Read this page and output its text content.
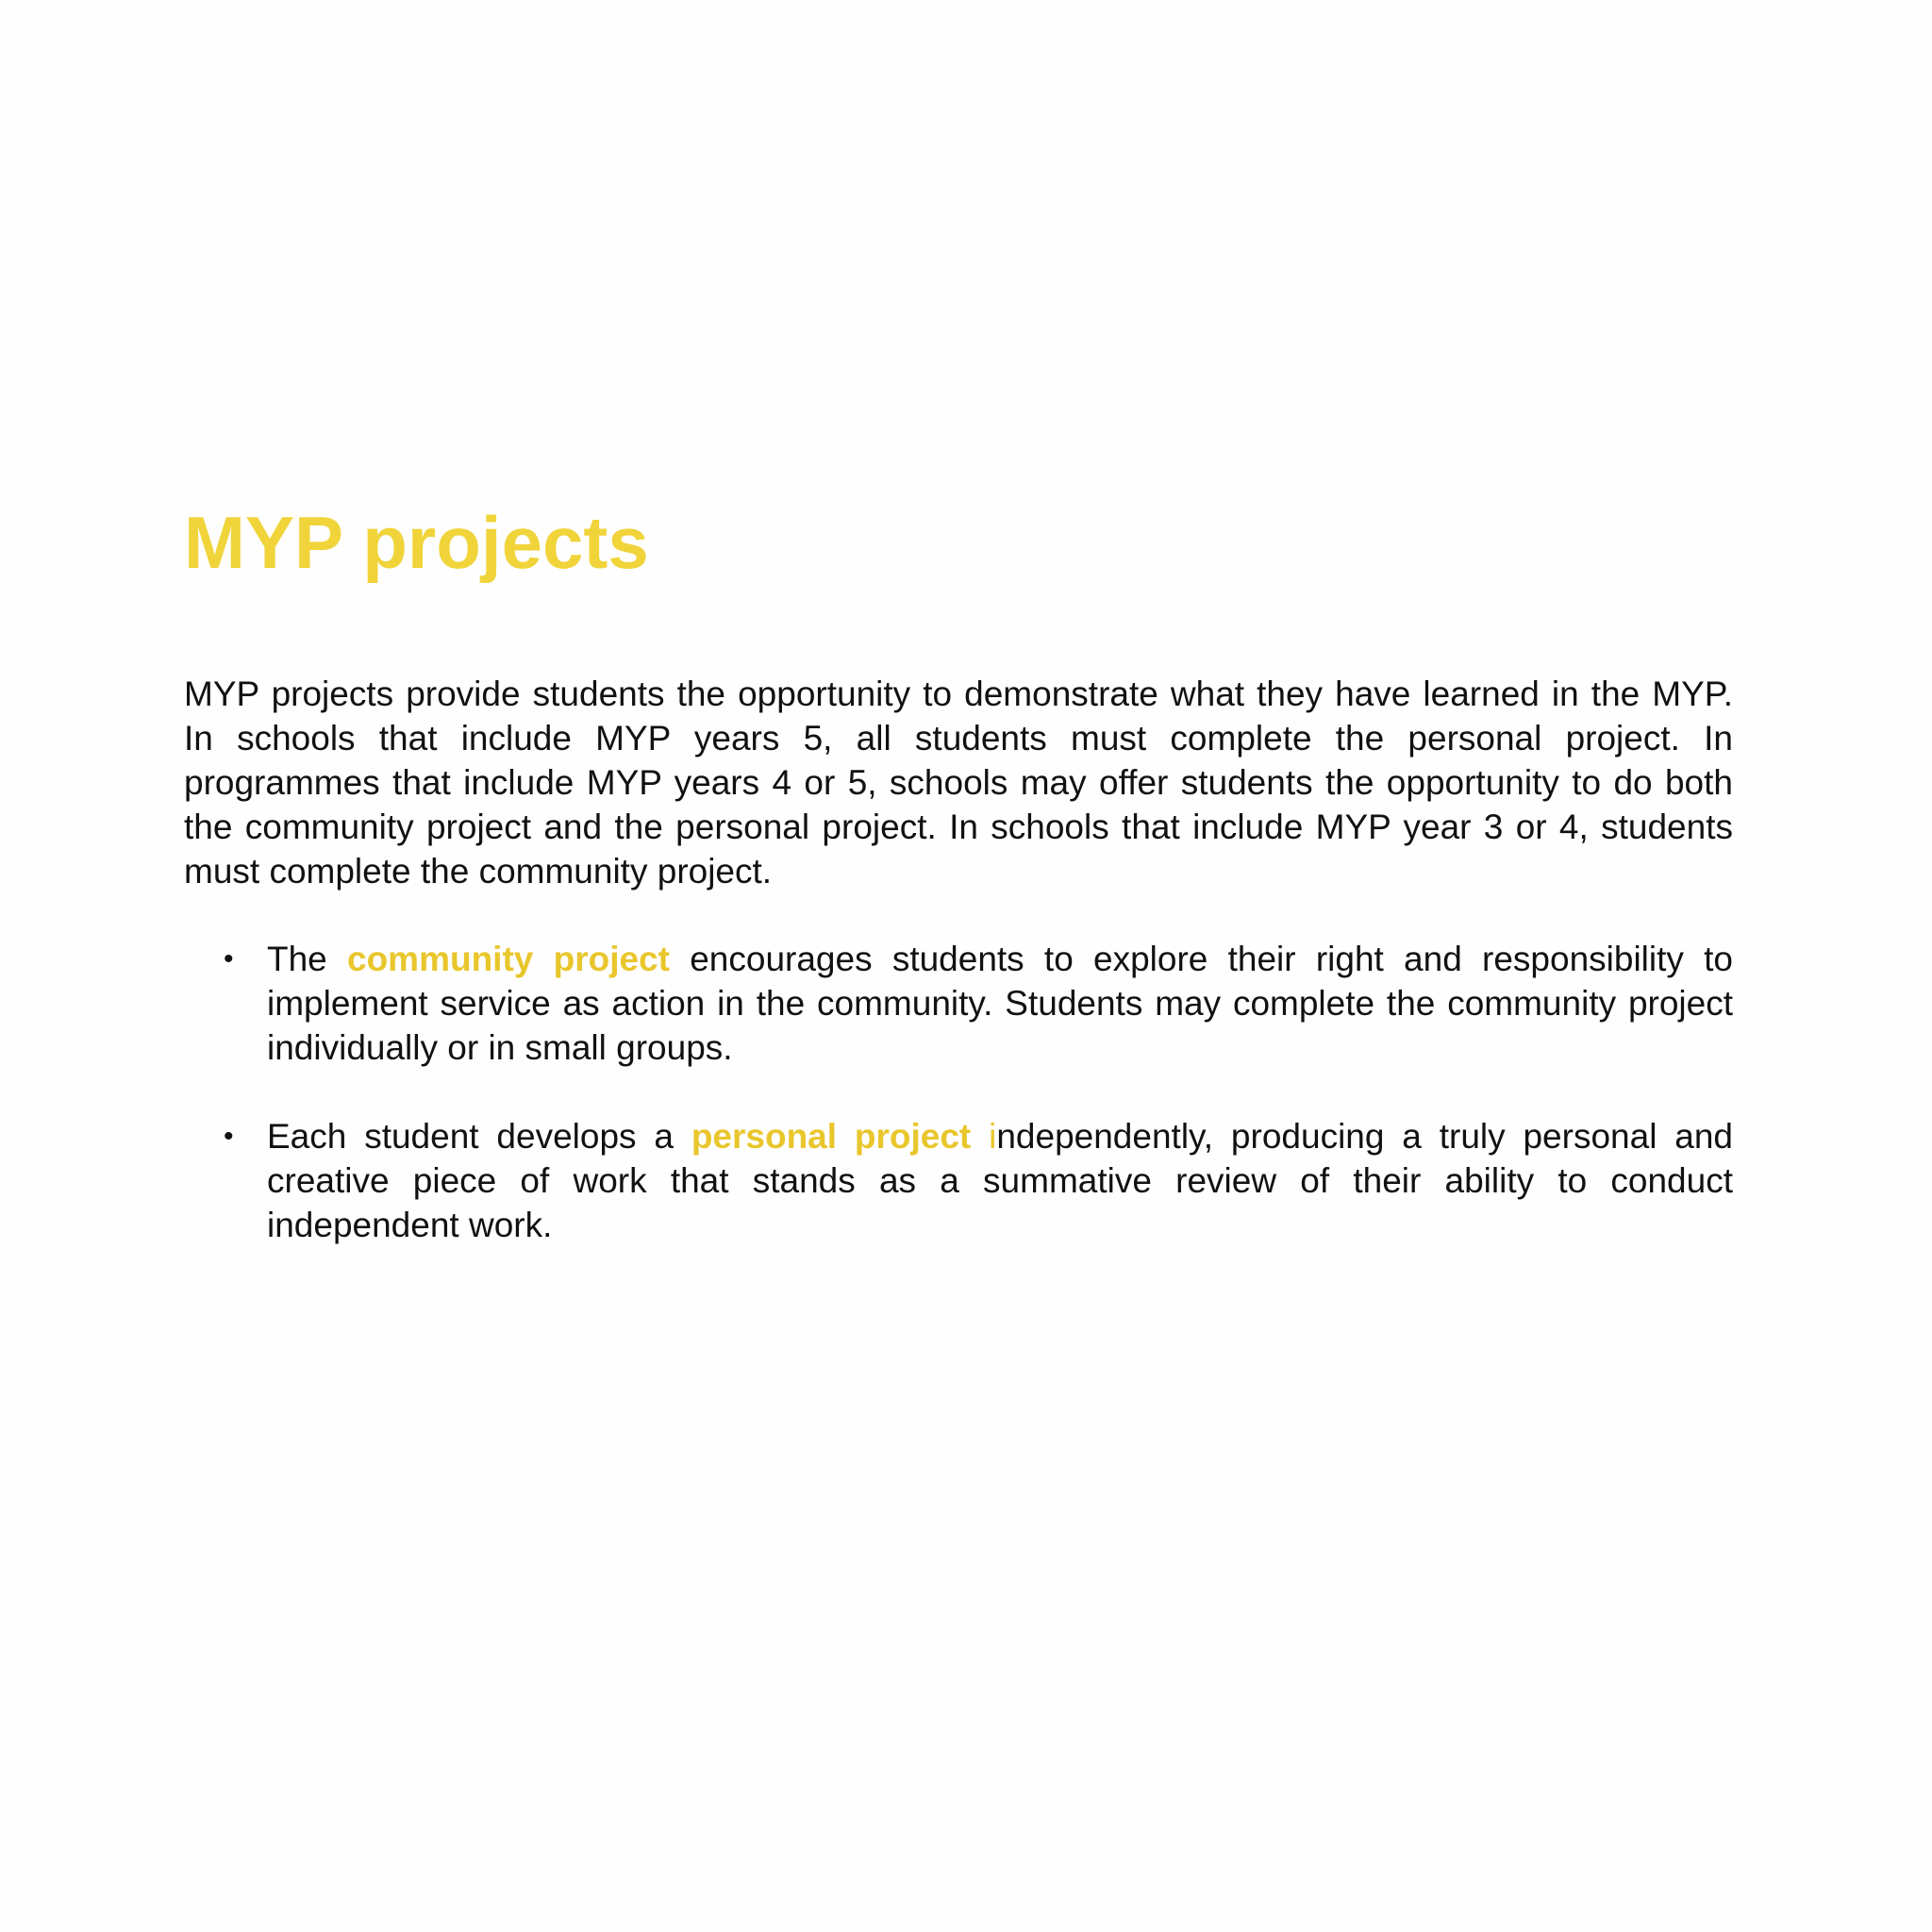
MYP projects

MYP projects provide students the opportunity to demonstrate what they have learned in the MYP. In schools that include MYP years 5, all students must complete the personal project. In programmes that include MYP years 4 or 5, schools may offer students the opportunity to do both the community project and the personal project. In schools that include MYP year 3 or 4, students must complete the community project.

• The community project encourages students to explore their right and responsibility to implement service as action in the community. Students may complete the community project individually or in small groups.
• Each student develops a personal project independently, producing a truly personal and creative piece of work that stands as a summative review of their ability to conduct independent work.
